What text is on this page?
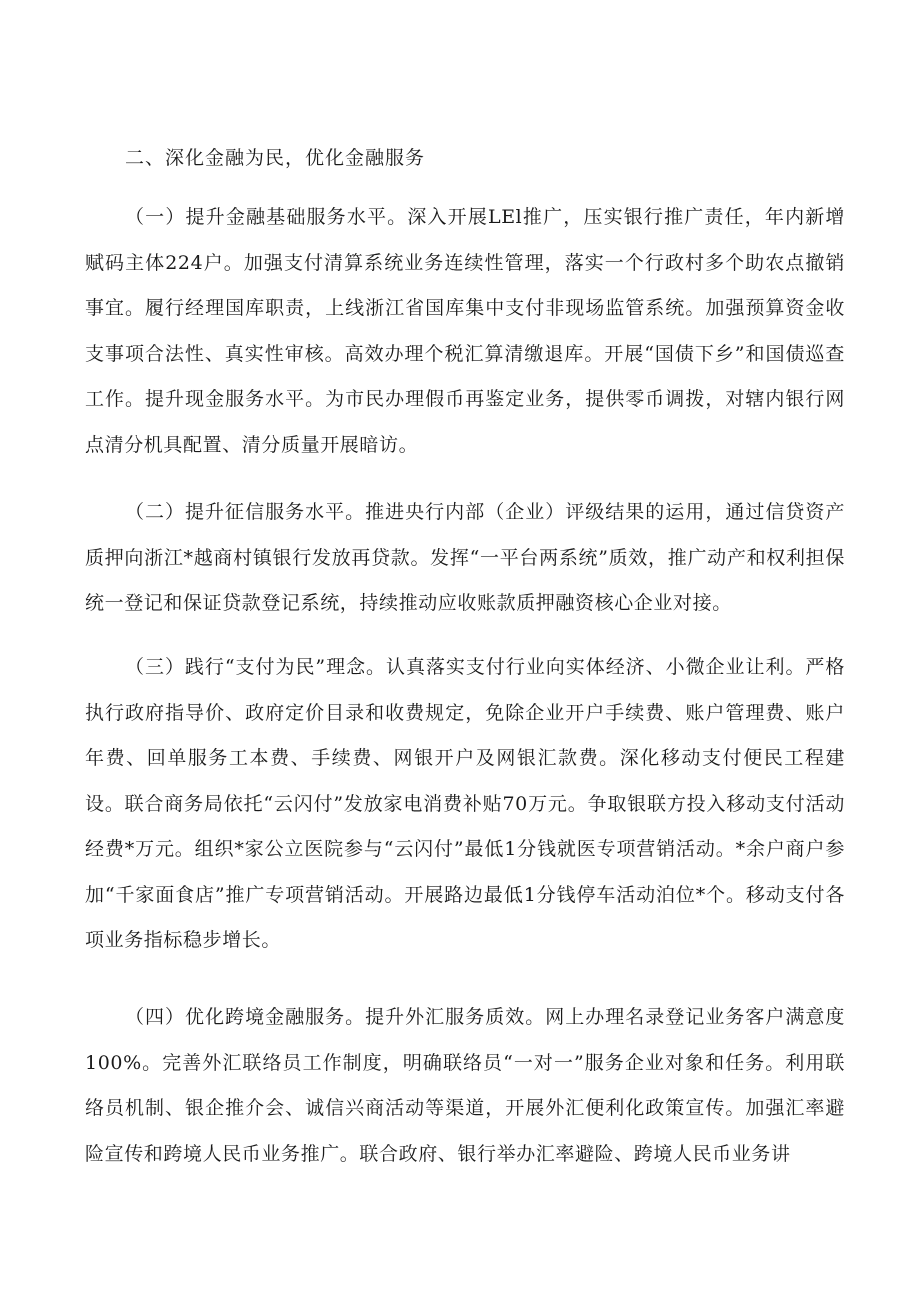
二、深化金融为民，优化金融服务

（一）提升金融基础服务水平。深入开展LEl推广，压实银行推广责任，年内新增赋码主体224户。加强支付清算系统业务连续性管理，落实一个行政村多个助农点撤销事宜。履行经理国库职责，上线浙江省国库集中支付非现场监管系统。加强预算资金收支事项合法性、真实性审核。高效办理个税汇算清缴退库。开展“国债下乡”和国债巡查工作。提升现金服务水平。为市民办理假币再鉴定业务，提供零币调拨，对辖内银行网点清分机具配置、清分质量开展暗访。

（二）提升征信服务水平。推进央行内部（企业）评级结果的运用，通过信贷资产质押向浙江*越商村镇银行发放再贷款。发挥“一平台两系统”质效，推广动产和权利担保统一登记和保证贷款登记系统，持续推动应收账款质押融资核心企业对接。

（三）践行“支付为民”理念。认真落实支付行业向实体经济、小微企业让利。严格执行政府指导价、政府定价目录和收费规定，免除企业开户手续费、账户管理费、账户年费、回单服务工本费、手续费、网银开户及网银汇款费。深化移动支付便民工程建设。联合商务局依托“云闪付”发放家电消费补贴70万元。争取银联方投入移动支付活动经费*万元。组织*家公立医院参与“云闪付”最低1分钱就医专项营销活动。*余户商户参加“千家面食店”推广专项营销活动。开展路边最低1分钱停车活动泊位*个。移动支付各项业务指标稳步增长。

（四）优化跨境金融服务。提升外汇服务质效。网上办理名录登记业务客户满意度100%。完善外汇联络员工作制度，明确联络员“一对一”服务企业对象和任务。利用联络员机制、银企推介会、诚信兴商活动等渠道，开展外汇便利化政策宣传。加强汇率避险宣传和跨境人民币业务推广。联合政府、银行举办汇率避险、跨境人民币业务讲
